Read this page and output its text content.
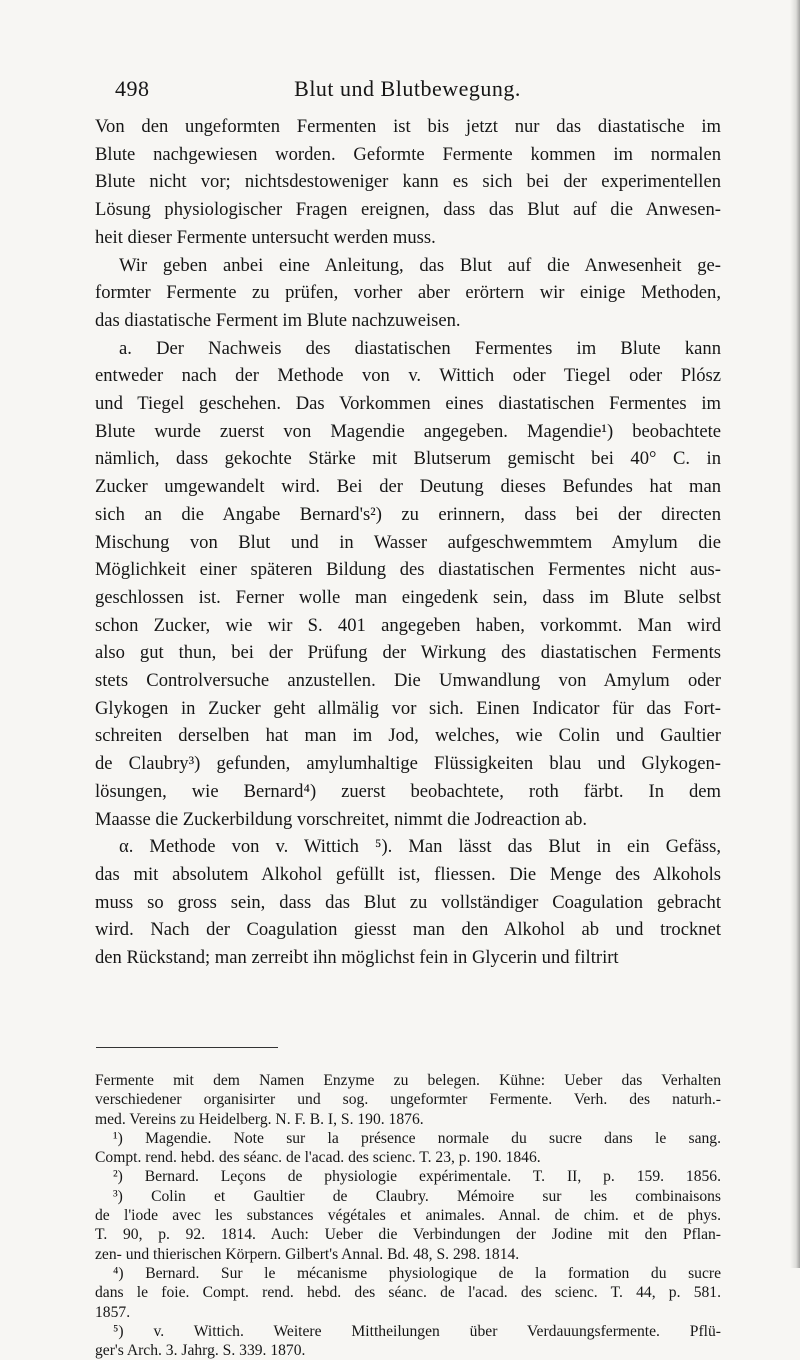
498	Blut und Blutbewegung.
Von den ungeformten Fermenten ist bis jetzt nur das diastatische im
Blute nachgewiesen worden. Geformte Fermente kommen im normalen
Blute nicht vor; nichtsdestoweniger kann es sich bei der experimentellen
Lösung physiologischer Fragen ereignen, dass das Blut auf die Anwesen-
heit dieser Fermente untersucht werden muss.
Wir geben anbei eine Anleitung, das Blut auf die Anwesenheit ge-
formter Fermente zu prüfen, vorher aber erörtern wir einige Methoden,
das diastatische Ferment im Blute nachzuweisen.
a. Der Nachweis des diastatischen Fermentes im Blute kann
entweder nach der Methode von v. Wittich oder Tiegel oder Plósz
und Tiegel geschehen. Das Vorkommen eines diastatischen Fermentes im
Blute wurde zuerst von Magendie angegeben. Magendie¹) beobachtete
nämlich, dass gekochte Stärke mit Blutserum gemischt bei 40° C. in
Zucker umgewandelt wird. Bei der Deutung dieses Befundes hat man
sich an die Angabe Bernard's²) zu erinnern, dass bei der directen
Mischung von Blut und in Wasser aufgeschwemmtem Amylum die
Möglichkeit einer späteren Bildung des diastatischen Fermentes nicht aus-
geschlossen ist. Ferner wolle man eingedenk sein, dass im Blute selbst
schon Zucker, wie wir S. 401 angegeben haben, vorkommt. Man wird
also gut thun, bei der Prüfung der Wirkung des diastatischen Ferments
stets Controlversuche anzustellen. Die Umwandlung von Amylum oder
Glykogen in Zucker geht allmälig vor sich. Einen Indicator für das Fort-
schreiten derselben hat man im Jod, welches, wie Colin und Gaultier
de Claubry³) gefunden, amylumhaltige Flüssigkeiten blau und Glykogen-
lösungen, wie Bernard⁴) zuerst beobachtete, roth färbt. In dem
Maasse die Zuckerbildung vorschreitet, nimmt die Jodreaction ab.
α. Methode von v. Wittich ⁵). Man lässt das Blut in ein Gefäss,
das mit absolutem Alkohol gefüllt ist, fliessen. Die Menge des Alkohols
muss so gross sein, dass das Blut zu vollständiger Coagulation gebracht
wird. Nach der Coagulation giesst man den Alkohol ab und trocknet
den Rückstand; man zerreibt ihn möglichst fein in Glycerin und filtrirt
Fermente mit dem Namen Enzyme zu belegen. Kühne: Ueber das Verhalten
verschiedener organisirter und sog. ungeformter Fermente. Verh. des naturh.-
med. Vereins zu Heidelberg. N. F. B. I, S. 190. 1876.
¹) Magendie. Note sur la présence normale du sucre dans le sang.
Compt. rend. hebd. des séanc. de l'acad. des scienc. T. 23, p. 190. 1846.
²) Bernard. Leçons de physiologie expérimentale. T. II, p. 159. 1856.
³) Colin et Gaultier de Claubry. Mémoire sur les combinaisons
de l'iode avec les substances végétales et animales. Annal. de chim. et de phys.
T. 90, p. 92. 1814. Auch: Ueber die Verbindungen der Jodine mit den Pflan-
zen- und thierischen Körpern. Gilbert's Annal. Bd. 48, S. 298. 1814.
⁴) Bernard. Sur le mécanisme physiologique de la formation du sucre
dans le foie. Compt. rend. hebd. des séanc. de l'acad. des scienc. T. 44, p. 581.
1857.
⁵) v. Wittich. Weitere Mittheilungen über Verdauungsfermente. Pflü-
ger's Arch. 3. Jahrg. S. 339. 1870.
